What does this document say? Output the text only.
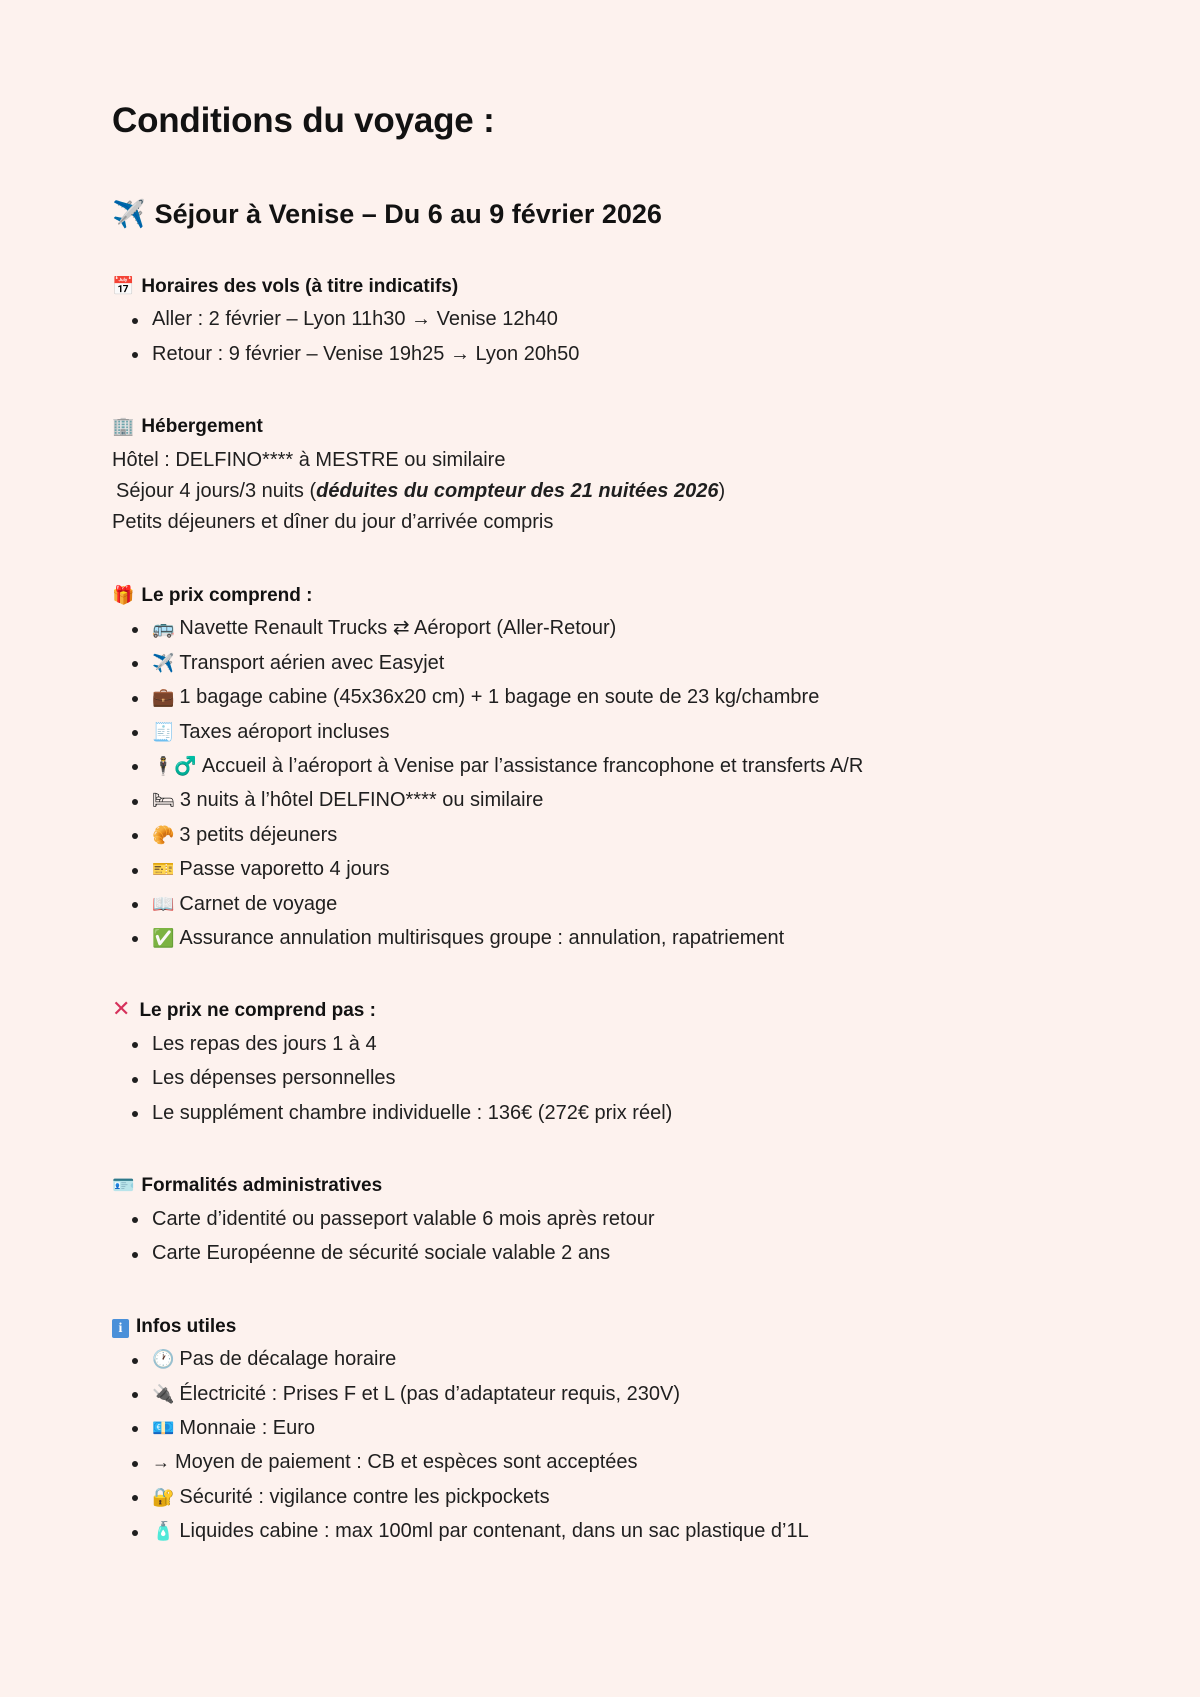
Conditions du voyage :
✈️ Séjour à Venise – Du 6 au 9 février 2026
📅 Horaires des vols (à titre indicatifs)
Aller : 2 février – Lyon 11h30 → Venise 12h40
Retour : 9 février – Venise 19h25 → Lyon 20h50
🏢 Hébergement

Hôtel : DELFINO**** à MESTRE ou similaire

Séjour 4 jours/3 nuits (déduites du compteur des 21 nuitées 2026)

Petits déjeuners et dîner du jour d’arrivée compris

🎁 Le prix comprend :
🚌 Navette Renault Trucks ⇄ Aéroport (Aller-Retour)
✈️ Transport aérien avec Easyjet
💼 1 bagage cabine (45x36x20 cm) + 1 bagage en soute de 23 kg/chambre
🧾 Taxes aéroport incluses
🕴♂️ Accueil à l’aéroport à Venise par l’assistance francophone et transferts A/R
🛏 3 nuits à l’hôtel DELFINO**** ou similaire
🥐 3 petits déjeuners
🎫 Passe vaporetto 4 jours
📖 Carnet de voyage
✅ Assurance annulation multirisques groupe : annulation, rapatriement
✕ Le prix ne comprend pas :
Les repas des jours 1 à 4
Les dépenses personnelles
Le supplément chambre individuelle : 136€ (272€ prix réel)
🪪 Formalités administratives
Carte d’identité ou passeport valable 6 mois après retour
Carte Européenne de sécurité sociale valable 2 ans
i Infos utiles
🕐 Pas de décalage horaire
🔌 Électricité : Prises F et L (pas d’adaptateur requis, 230V)
💶 Monnaie : Euro
→ Moyen de paiement : CB et espèces sont acceptées
🔐 Sécurité : vigilance contre les pickpockets
🧴 Liquides cabine : max 100ml par contenant, dans un sac plastique d’1L
